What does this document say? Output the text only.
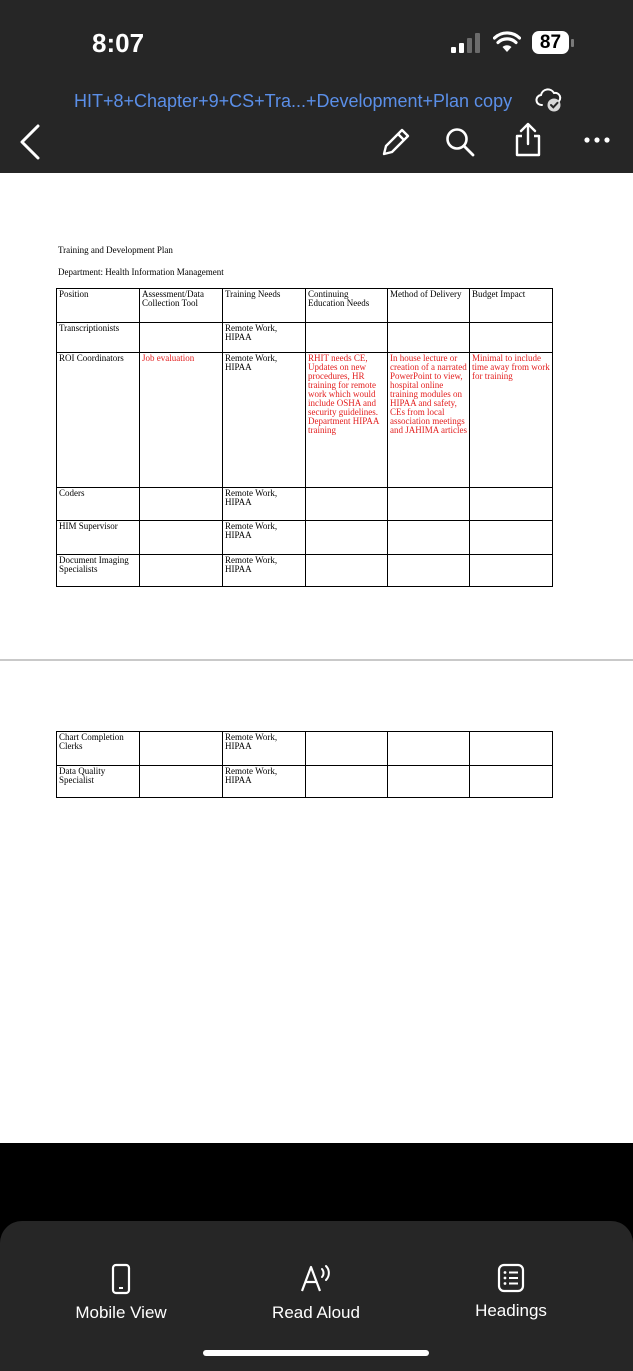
8:07	87
HIT+8+Chapter+9+CS+Tra...+Development+Plan copy
Training and Development Plan
Department: Health Information Management
Position	Assessment/Data Collection Tool	Training Needs	Continuing Education Needs	Method of Delivery	Budget Impact
Transcriptionists		Remote Work, HIPAA			
ROI Coordinators	Job evaluation	Remote Work, HIPAA	RHIT needs CE, Updates on new procedures, HR training for remote work which would include OSHA and security guidelines. Department HIPAA training	In house lecture or creation of a narrated PowerPoint to view, hospital online training modules on HIPAA and safety, CEs from local association meetings and JAHIMA articles	Minimal to include time away from work for training
Coders		Remote Work, HIPAA			
HIM Supervisor		Remote Work, HIPAA			
Document Imaging Specialists		Remote Work, HIPAA			
Chart Completion Clerks		Remote Work, HIPAA			
Data Quality Specialist		Remote Work, HIPAA			
Mobile View	Read Aloud	Headings
